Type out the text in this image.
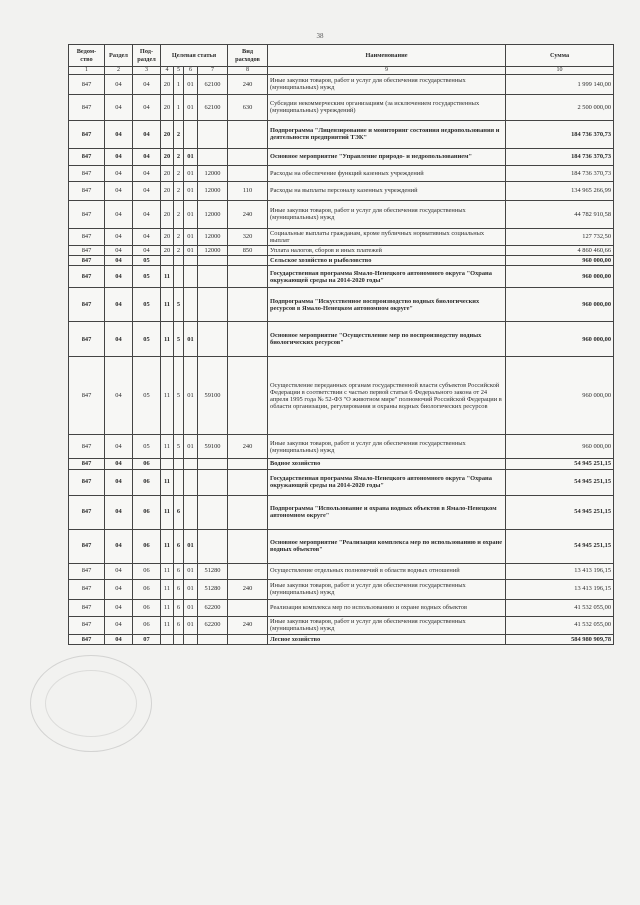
38
Ведом-ство	Раздел	Под-раздел	Целевая статья				Вид расходов	Наименование	Сумма
1	2	3	4	5	6	7	8	9	10
847	04	04	20	1	01	62100	240	Иные закупки товаров, работ и услуг для обеспечения государственных (муниципальных) нужд	1 999 140,00
847	04	04	20	1	01	62100	630	Субсидии некоммерческим организациям (за исключением государственных (муниципальных) учреждений)	2 500 000,00
847	04	04	20	2				Подпрограмма "Лицензирование и мониторинг состояния недропользования и деятельности предприятий ТЭК"	184 736 370,73
847	04	04	20	2	01			Основное мероприятие "Управление природо- и недропользованием"	184 736 370,73
847	04	04	20	2	01	12000		Расходы на обеспечение функций казенных учреждений	184 736 370,73
847	04	04	20	2	01	12000	110	Расходы на выплаты персоналу казенных учреждений	134 965 266,99
847	04	04	20	2	01	12000	240	Иные закупки товаров, работ и услуг для обеспечения государственных (муниципальных) нужд	44 782 910,58
847	04	04	20	2	01	12000	320	Социальные выплаты гражданам, кроме публичных нормативных социальных выплат	127 732,50
847	04	04	20	2	01	12000	850	Уплата налогов, сборов и иных платежей	4 860 460,66
847	04	05						Сельское хозяйство и рыболовство	960 000,00
847	04	05	11					Государственная программа Ямало-Ненецкого автономного округа "Охрана окружающей среды на 2014-2020 годы"	960 000,00
847	04	05	11	5				Подпрограмма "Искусственное воспроизводство водных биологических ресурсов в Ямало-Ненецком автономном округе"	960 000,00
847	04	05	11	5	01			Основное мероприятие "Осуществление мер по воспроизводству водных биологических ресурсов"	960 000,00
847	04	05	11	5	01	59100		Осуществление переданных органам государственной власти субъектов Российской Федерации в соответствии с частью первой статьи 6 Федерального закона от 24 апреля 1995 года № 52-ФЗ "О животном мире" полномочий Российской Федерации в области организации, регулирования и охраны водных биологических ресурсов	960 000,00
847	04	05	11	5	01	59100	240	Иные закупки товаров, работ и услуг для обеспечения государственных (муниципальных) нужд	960 000,00
847	04	06						Водное хозяйство	54 945 251,15
847	04	06	11					Государственная программа Ямало-Ненецкого автономного округа "Охрана окружающей среды на 2014-2020 годы"	54 945 251,15
847	04	06	11	6				Подпрограмма "Использование и охрана водных объектов в Ямало-Ненецком автономном округе"	54 945 251,15
847	04	06	11	6	01			Основное мероприятие "Реализация комплекса мер по использованию и охране водных объектов"	54 945 251,15
847	04	06	11	6	01	51280		Осуществление отдельных полномочий в области водных отношений	13 413 196,15
847	04	06	11	6	01	51280	240	Иные закупки товаров, работ и услуг для обеспечения государственных (муниципальных) нужд	13 413 196,15
847	04	06	11	6	01	62200		Реализация комплекса мер по использованию и охране водных объектов	41 532 055,00
847	04	06	11	6	01	62200	240	Иные закупки товаров, работ и услуг для обеспечения государственных (муниципальных) нужд	41 532 055,00
847	04	07						Лесное хозяйство	584 980 909,78
